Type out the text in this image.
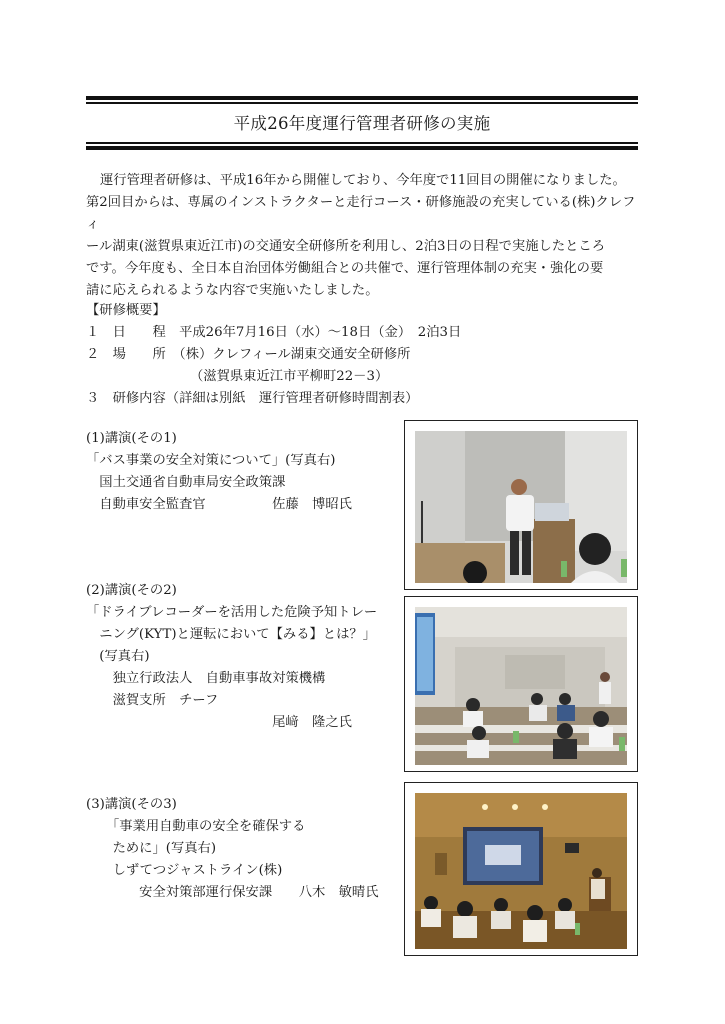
平成26年度運行管理者研修の実施

運行管理者研修は、平成16年から開催しており、今年度で11回目の開催になりました。

第2回目からは、専属のインストラクターと走行コース・研修施設の充実している(株)クレフィ

ール湖東(滋賀県東近江市)の交通安全研修所を利用し、2泊3日の日程で実施したところ

です。今年度も、全日本自治団体労働組合との共催で、運行管理体制の充実・強化の要

請に応えられるような内容で実施いたしました。

【研修概要】
１　日　　程　平成26年7月16日（水）～18日（金）　2泊3日
２　場　　所　（株）クレフィール湖東交通安全研修所
（滋賀県東近江市平柳町22－3）
３　研修内容（詳細は別紙　運行管理者研修時間割表）
(1)講演(その1)
「バス事業の安全対策について」(写真右)
　国土交通省自動車局安全政策課
　自動車安全監査官　　　　　佐藤　博昭氏
(2)講演(その2)
「ドライブレコーダーを活用した危険予知トレー
　ニング(KYT)と運転において【みる】とは？」
　(写真右)
　　独立行政法人　自動車事故対策機構
　　滋賀支所　チーフ
　　　　　　　　　　　　　　尾﨑　隆之氏
(3)講演(その3)
　　「事業用自動車の安全を確保する
　　ために」(写真右)
　　しずてつジャストライン(株)
　　　　安全対策部運行保安課　　八木　敏晴氏
